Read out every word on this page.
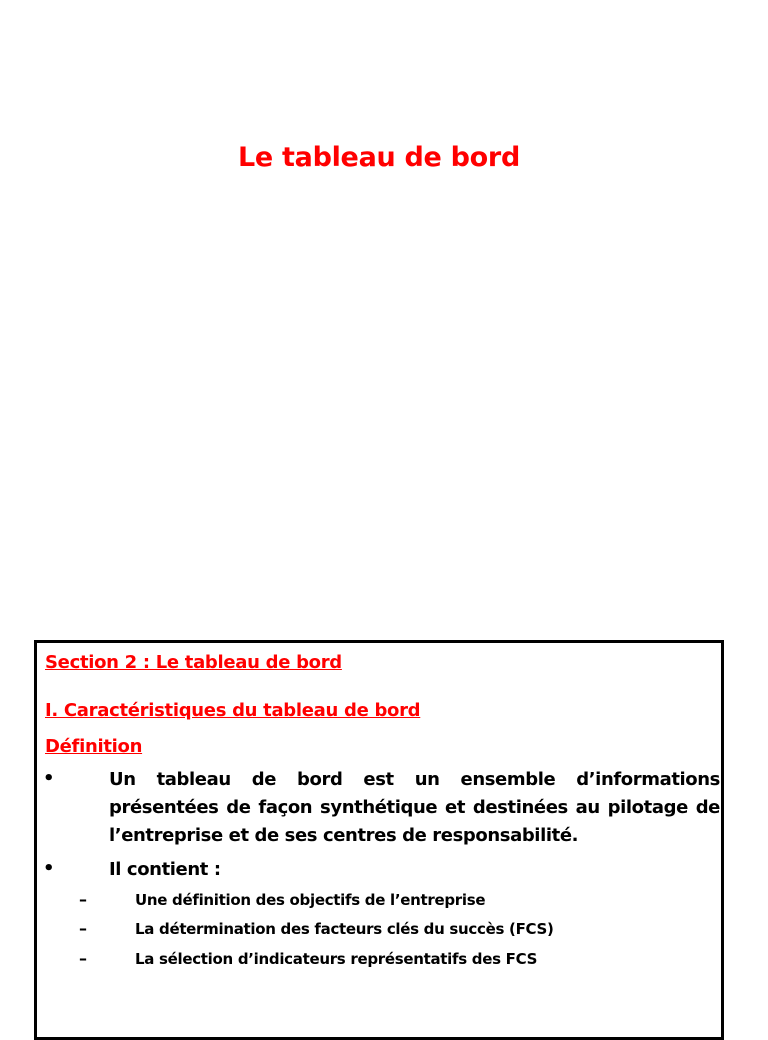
Le tableau de bord
Section 2 : Le tableau de bord
I. Caractéristiques du tableau de bord
Définition
•	Un tableau de bord est un ensemble d’informations présentées de façon synthétique et destinées au pilotage de l’entreprise et de ses centres de responsabilité.
•	Il contient :
–	Une définition des objectifs de l’entreprise
–	La détermination des facteurs clés du succès (FCS)
–	La sélection d’indicateurs représentatifs des FCS
